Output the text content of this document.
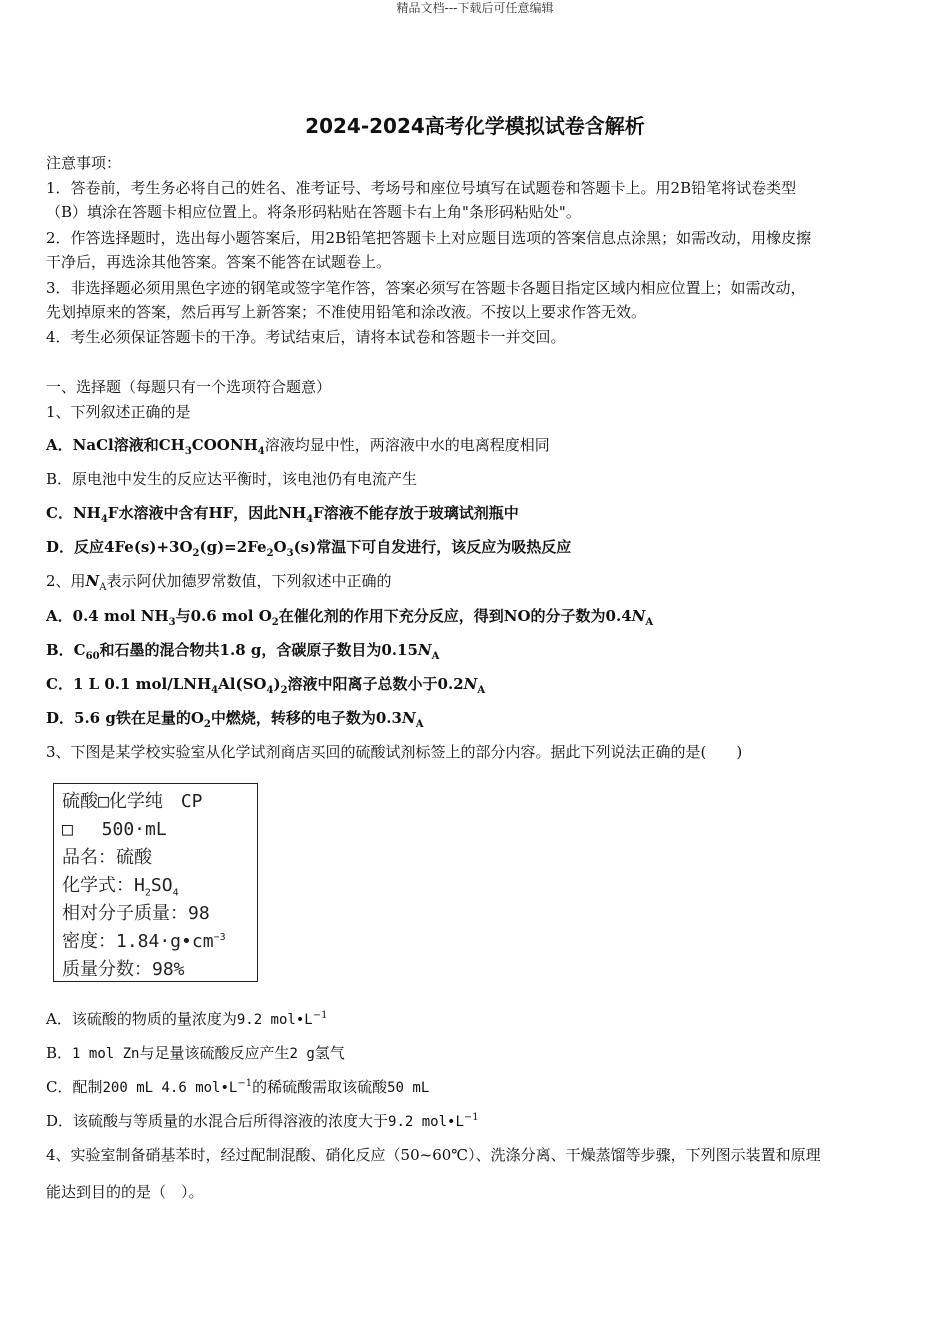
精品文档---下载后可任意编辑
2024-2024高考化学模拟试卷含解析
注意事项：
1．答卷前，考生务必将自己的姓名、准考证号、考场号和座位号填写在试题卷和答题卡上。用2B铅笔将试卷类型
（B）填涂在答题卡相应位置上。将条形码粘贴在答题卡右上角"条形码粘贴处"。
2．作答选择题时，选出每小题答案后，用2B铅笔把答题卡上对应题目选项的答案信息点涂黑；如需改动，用橡皮擦
干净后，再选涂其他答案。答案不能答在试题卷上。
3．非选择题必须用黑色字迹的钢笔或签字笔作答，答案必须写在答题卡各题目指定区域内相应位置上；如需改动，
先划掉原来的答案，然后再写上新答案；不准使用铅笔和涂改液。不按以上要求作答无效。
4．考生必须保证答题卡的干净。考试结束后，请将本试卷和答题卡一并交回。
一、选择题（每题只有一个选项符合题意）
1、下列叙述正确的是
A．NaCl溶液和$CH_3COONH_4$溶液均显中性，两溶液中水的电离程度相同
B．原电池中发生的反应达平衡时，该电池仍有电流产生
C．$NH_4F$水溶液中含有HF，因此$NH_4F$溶液不能存放于玻璃试剂瓶中
D．反应$4Fe(s)+3O_2(g)=2Fe_2O_3(s)$常温下可自发进行，该反应为吸热反应
2、用$N_A$表示阿伏加德罗常数值，下列叙述中正确的
A．0.4 mol $NH_3$与0.6 mol $O_2$在催化剂的作用下充分反应，得到NO的分子数为$0.4N_A$
B．$C_{60}$和石墨的混合物共1.8 g，含碳原子数目为$0.15N_A$
C．1 L 0.1 mol/$LNH_4Al(SO_4)_2$溶液中阳离子总数小于$0.2N_A$
D．5.6 g铁在足量的$O_2$中燃烧，转移的电子数为$0.3N_A$
3、下图是某学校实验室从化学试剂商店买回的硫酸试剂标签上的部分内容。据此下列说法正确的是(　　)
硫酸□化学纯　CP
□　 500·mL
品名：硫酸
化学式：$H_2SO_4$
相对分子质量：98
密度：$1.84\cdot g•cm^{-3}$
质量分数：98%
A．该硫酸的物质的量浓度为9.2 $mol•L^{-1}$
B．1 mol Zn与足量该硫酸反应产生2 g氢气
C．配制200 mL 4.6 $mol•L^{-1}$的稀硫酸需取该硫酸50 mL
D．该硫酸与等质量的水混合后所得溶液的浓度大于9.2 $mol•L^{-1}$
4、实验室制备硝基苯时，经过配制混酸、硝化反应（50~60℃）、洗涤分离、干燥蒸馏等步骤，下列图示装置和原理
能达到目的的是（　）。
